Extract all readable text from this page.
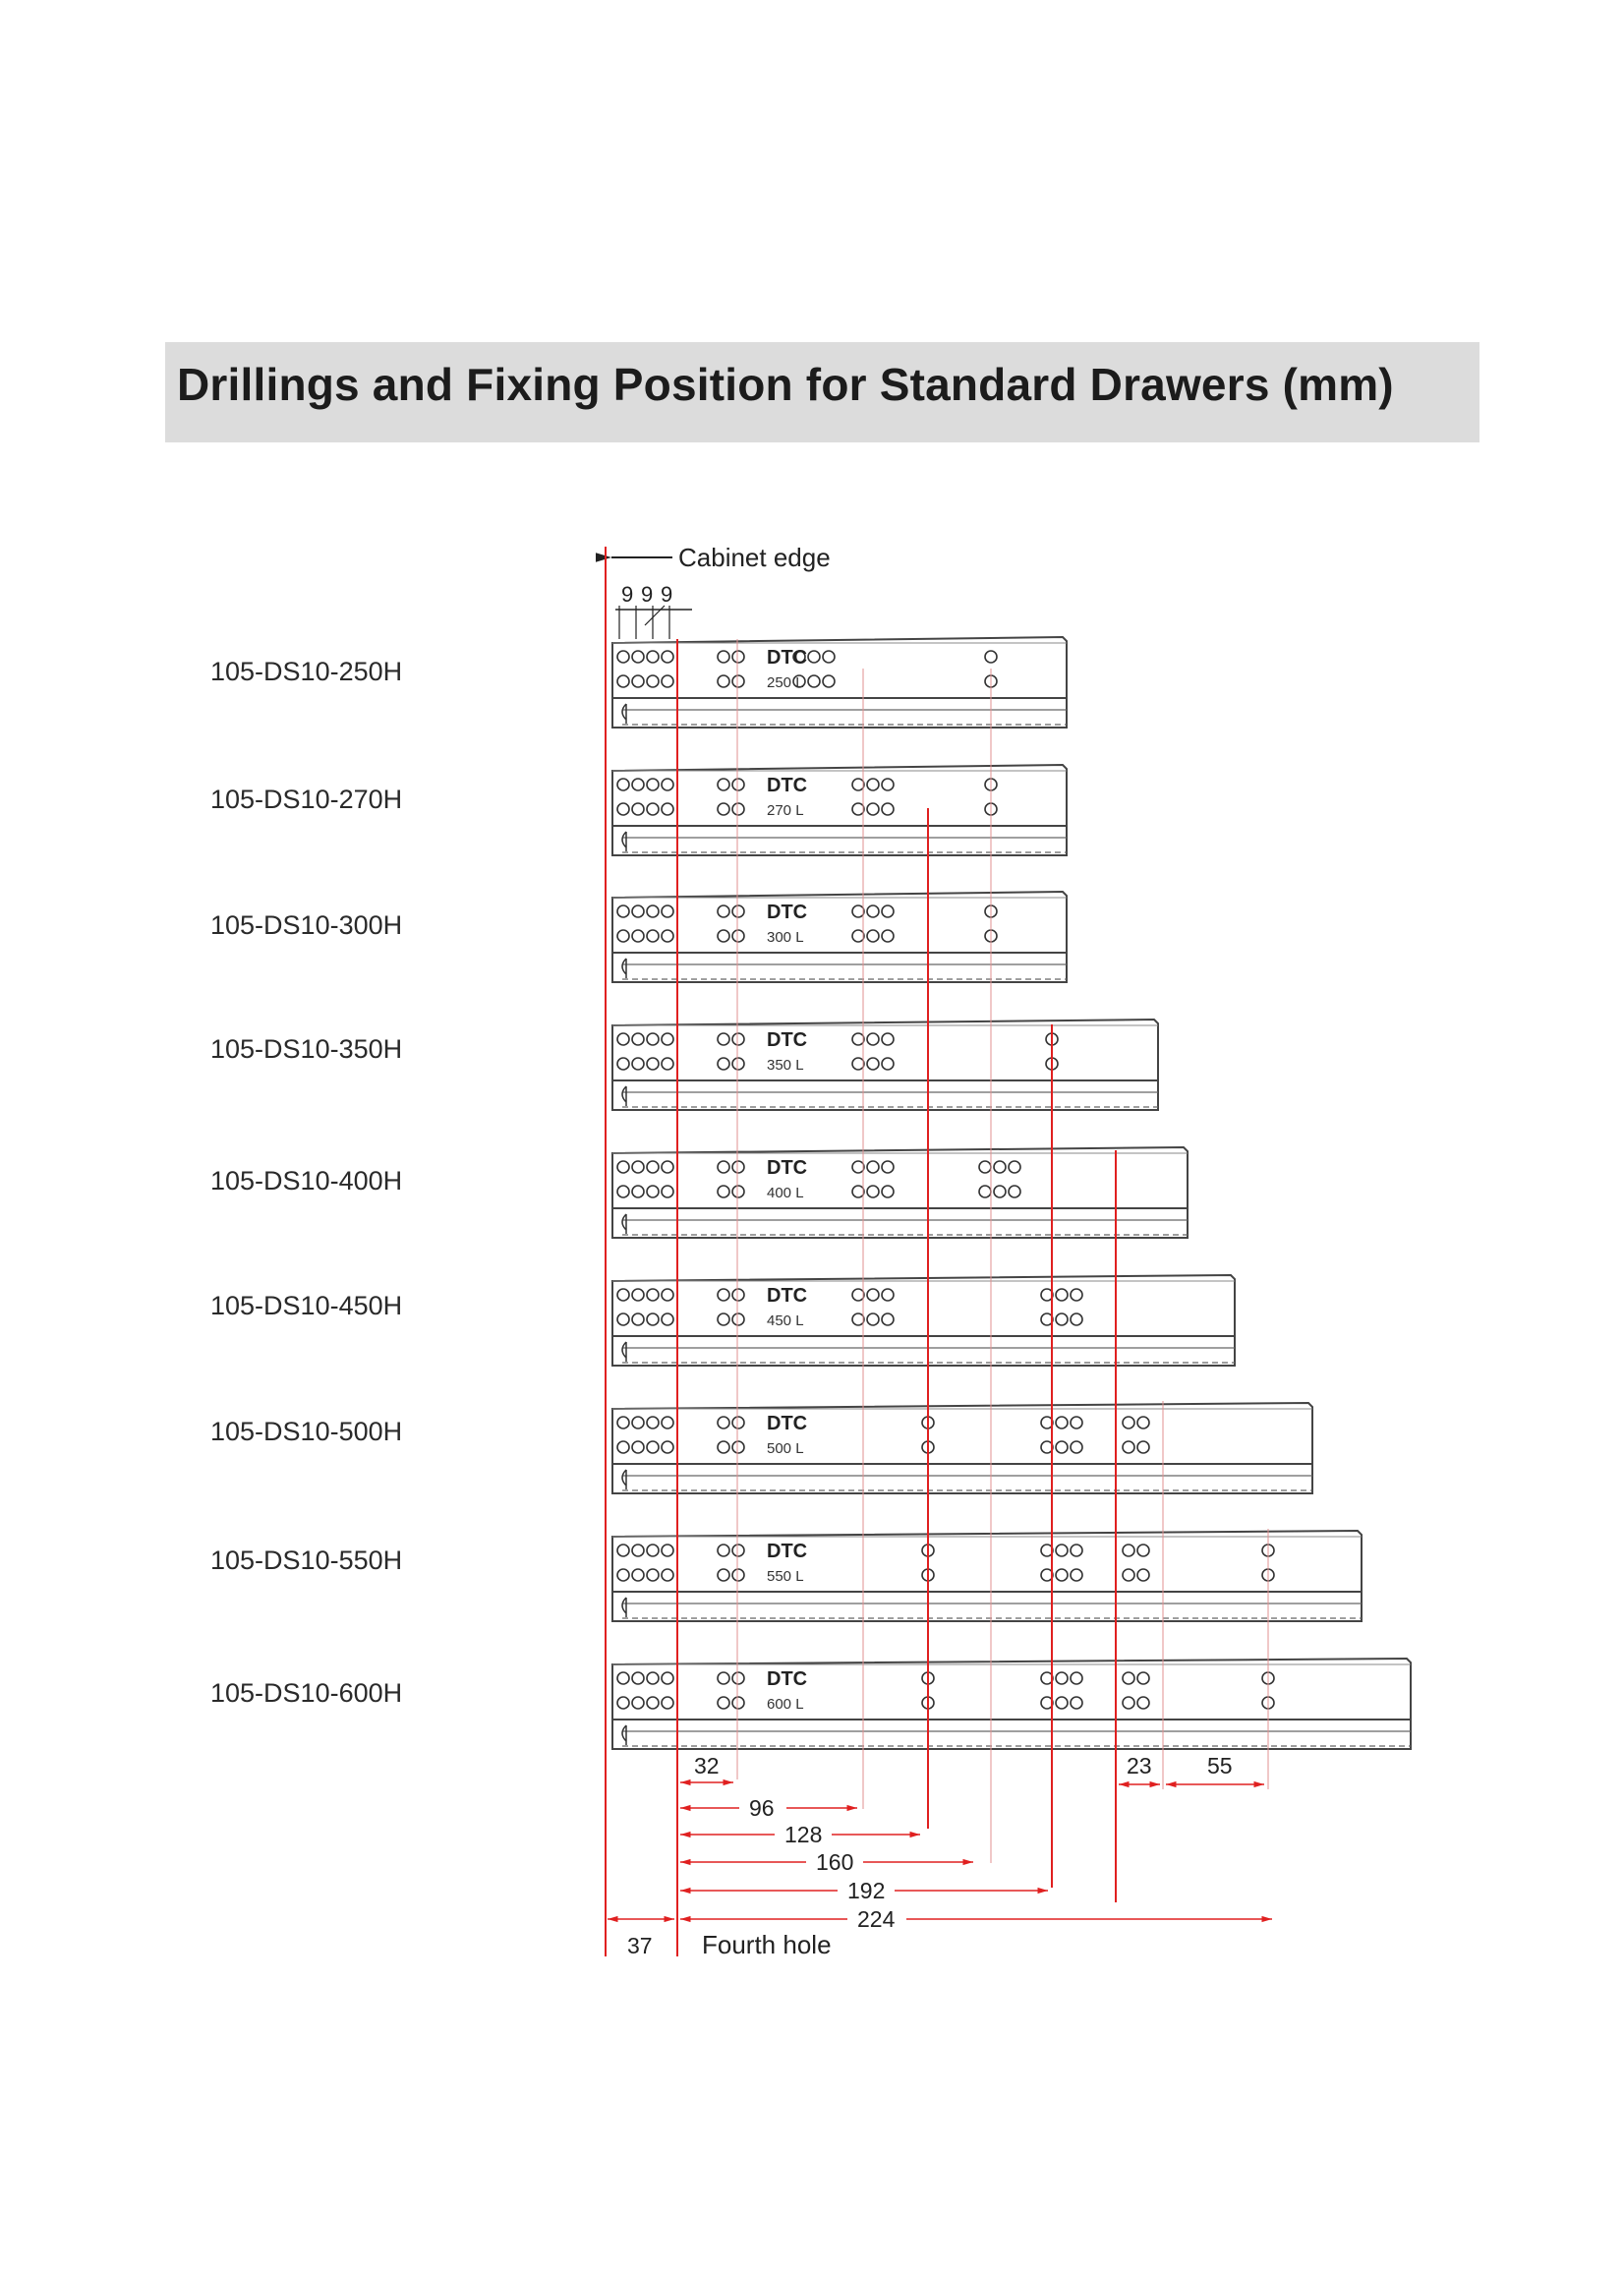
Drillings and Fixing Position for Standard Drawers (mm)
105-DS10-250H
105-DS10-270H
105-DS10-300H
105-DS10-350H
105-DS10-400H
105-DS10-450H
105-DS10-500H
105-DS10-550H
105-DS10-600H
Cabinet edge
9 9 9
DTC
250 L
DTC
270 L
DTC
300 L
DTC
350 L
DTC
400 L
DTC
450 L
DTC
500 L
DTC
550 L
DTC
600 L
32	23 55
96
128
160
192
224
37 Fourth hole
